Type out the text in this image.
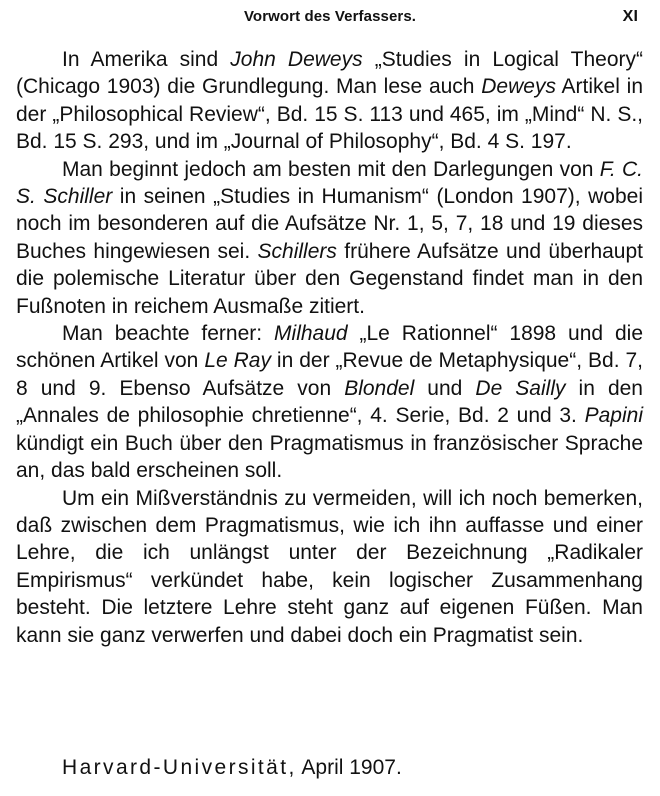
Vorwort des Verfassers.	XI

In Amerika sind John Deweys „Studies in Logical Theory“ (Chicago 1903) die Grundlegung. Man lese auch Deweys Artikel in der „Philosophical Review“, Bd. 15 S. 113 und 465, im „Mind“ N. S., Bd. 15 S. 293, und im „Journal of Philosophy“, Bd. 4 S. 197.

Man beginnt jedoch am besten mit den Darlegungen von F. C. S. Schiller in seinen „Studies in Humanism“ (London 1907), wobei noch im besonderen auf die Aufsätze Nr. 1, 5, 7, 18 und 19 dieses Buches hingewiesen sei. Schillers frühere Aufsätze und überhaupt die polemische Literatur über den Gegenstand findet man in den Fußnoten in reichem Ausmaße zitiert.

Man beachte ferner: Milhaud „Le Rationnel“ 1898 und die schönen Artikel von Le Ray in der „Revue de Metaphysique“, Bd. 7, 8 und 9. Ebenso Aufsätze von Blondel und De Sailly in den „Annales de philosophie chretienne“, 4. Serie, Bd. 2 und 3. Papini kündigt ein Buch über den Pragmatismus in französischer Sprache an, das bald erscheinen soll.

Um ein Mißverständnis zu vermeiden, will ich noch bemerken, daß zwischen dem Pragmatismus, wie ich ihn auffasse und einer Lehre, die ich unlängst unter der Bezeichnung „Radikaler Empirismus“ verkündet habe, kein logischer Zusammenhang besteht. Die letztere Lehre steht ganz auf eigenen Füßen. Man kann sie ganz verwerfen und dabei doch ein Pragmatist sein.

Harvard-Universität, April 1907.
